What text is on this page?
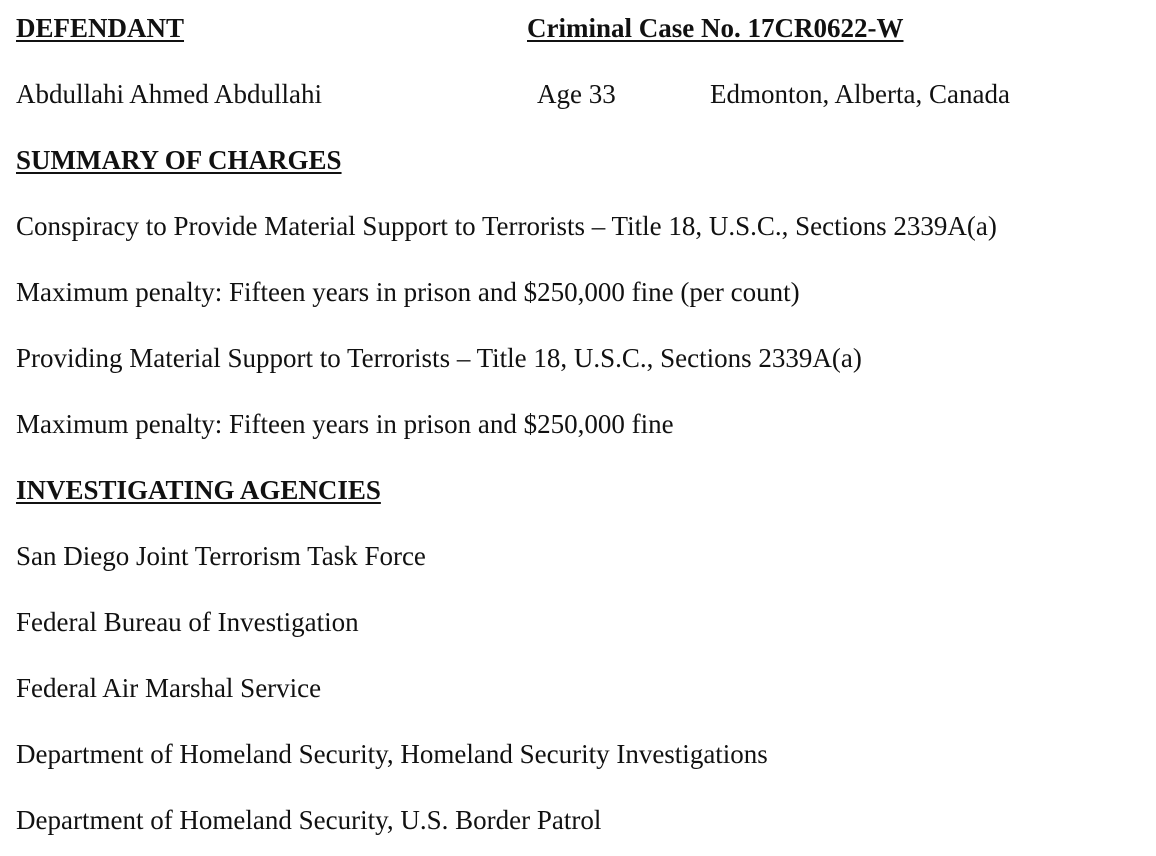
DEFENDANT	Criminal Case No. 17CR0622-W
Abdullahi Ahmed Abdullahi	Age 33	Edmonton, Alberta, Canada
SUMMARY OF CHARGES
Conspiracy to Provide Material Support to Terrorists – Title 18, U.S.C., Sections 2339A(a)
Maximum penalty: Fifteen years in prison and $250,000 fine (per count)
Providing Material Support to Terrorists – Title 18, U.S.C., Sections 2339A(a)
Maximum penalty: Fifteen years in prison and $250,000 fine
INVESTIGATING AGENCIES
San Diego Joint Terrorism Task Force
Federal Bureau of Investigation
Federal Air Marshal Service
Department of Homeland Security, Homeland Security Investigations
Department of Homeland Security, U.S. Border Patrol
